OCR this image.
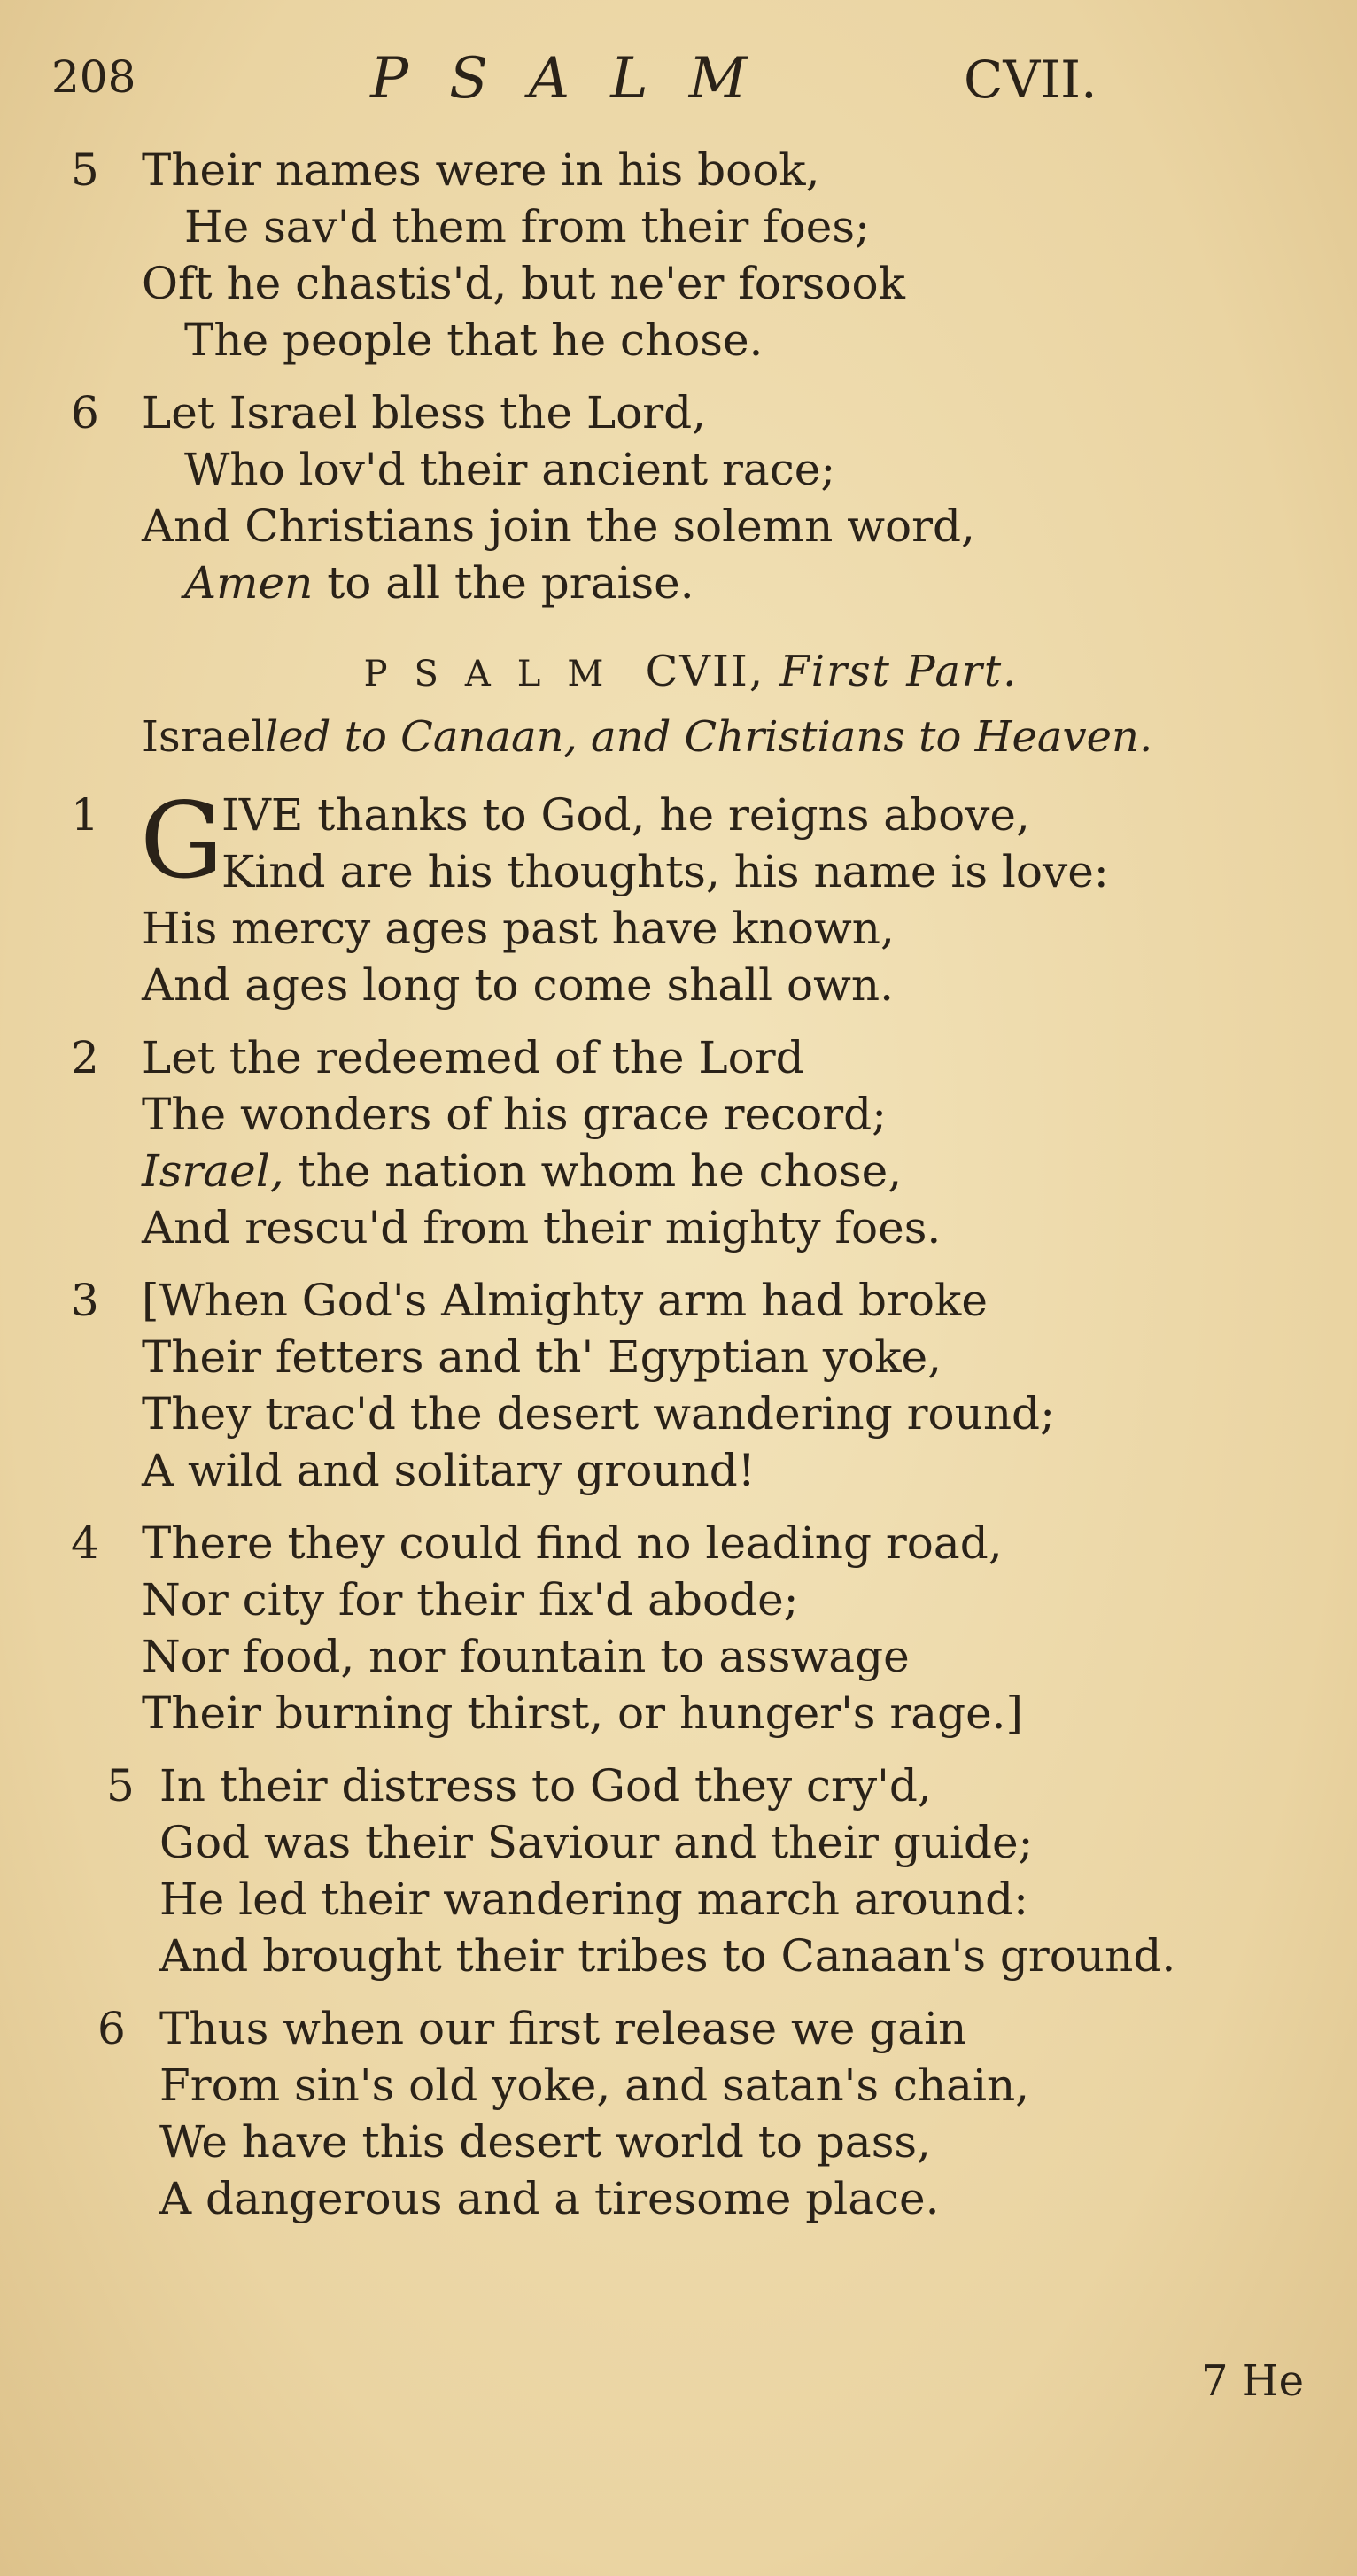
208	PSALM	CVII.
5 Their names were in his book,
He sav'd them from their foes;
Oft he chastis'd, but ne'er forsook
The people that he chose.
6 Let Israel bless the Lord,
Who lov'd their ancient race;
And Christians join the solemn word,
Amen to all the praise.
PSALM CVII, First Part.
Israelled to Canaan, and Christians to Heaven.
1 G
IVE thanks to God, he reigns above,
Kind are his thoughts, his name is love:
His mercy ages past have known,
And ages long to come shall own.
2 Let the redeemed of the Lord
The wonders of his grace record;
Israel, the nation whom he chose,
And rescu'd from their mighty foes.
3 [When God's Almighty arm had broke
Their fetters and th' Egyptian yoke,
They trac'd the desert wandering round;
A wild and solitary ground!
4 There they could find no leading road,
Nor city for their fix'd abode;
Nor food, nor fountain to asswage
Their burning thirst, or hunger's rage.]
5 In their distress to God they cry'd,
God was their Saviour and their guide;
He led their wandering march around:
And brought their tribes to Canaan's ground.
6 Thus when our first release we gain
From sin's old yoke, and satan's chain,
We have this desert world to pass,
A dangerous and a tiresome place.
7 He
